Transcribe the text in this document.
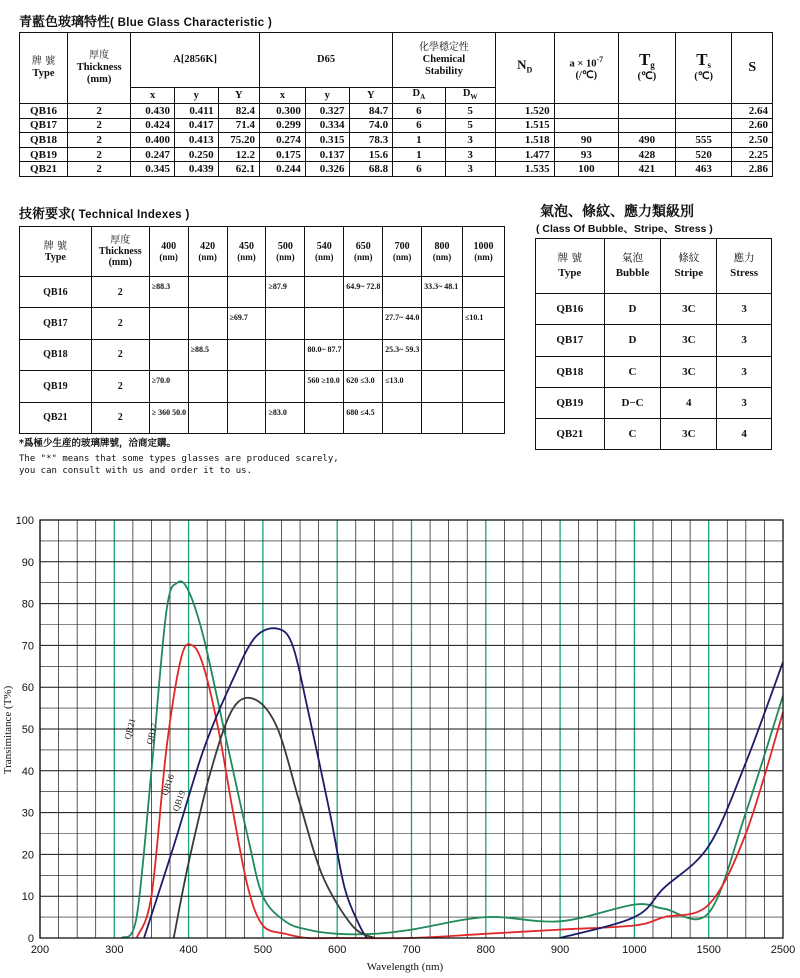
青藍色玻璃特性( Blue Glass Characteristic )
牌 號
Type	厚度
Thickness
(mm)	A[2856K]			D65			化學穩定性
Chemical
Stability		$N_D$	$a \times 10^{-7}$
(/℃)	$T_g$
(℃)	$T_s$
(℃)	S
		x	y	Y	x	y	Y	$D_A$	$D_W$
QB16	2	0.430	0.411	82.4	0.300	0.327	84.7	6	5	1.520				2.64
QB17	2	0.424	0.417	71.4	0.299	0.334	74.0	6	5	1.515				2.60
QB18	2	0.400	0.413	75.20	0.274	0.315	78.3	1	3	1.518	90	490	555	2.50
QB19	2	0.247	0.250	12.2	0.175	0.137	15.6	1	3	1.477	93	428	520	2.25
QB21	2	0.345	0.439	62.1	0.244	0.326	68.8	6	3	1.535	100	421	463	2.86
技術要求( Technical Indexes )
牌 號
Type	厚度
Thickness
(mm)	400
(nm)	420
(nm)	450
(nm)	500
(nm)	540
(nm)	650
(nm)	700
(nm)	800
(nm)	1000
(nm)
QB16	2	≥88.3			≥87.9		64.9~ 72.8		33.3~ 48.1	
QB17	2			≥69.7				27.7~ 44.0		≤10.1
QB18	2		≥88.5			80.0~ 87.7		25.3~ 59.3		
QB19	2	≥70.0				560 ≥10.0	620 ≤3.0	≤13.0		
QB21	2	≥ 360 50.0			≥83.0		680 ≤4.5			
氣泡、條紋、應力類級別
( Class Of Bubble、Stripe、Stress )
牌 號
Type	氣泡
Bubble	條紋
Stripe	應力
Stress
QB16	D	3C	3
QB17	D	3C	3
QB18	C	3C	3
QB19	D−C	4	3
QB21	C	3C	4
*爲極少生産的玻璃牌號，洽商定購。
The "*" means that some types glasses are produced scarely,
you can consult with us and order it to us.
QB21 QB17
QB16
QB19
0
10
20
30
40
50
60
70
80
90
100
200	300	400	500	600	700	800	900	1000	1500	2500
Wavelength (nm)
Transimitance (T%)
